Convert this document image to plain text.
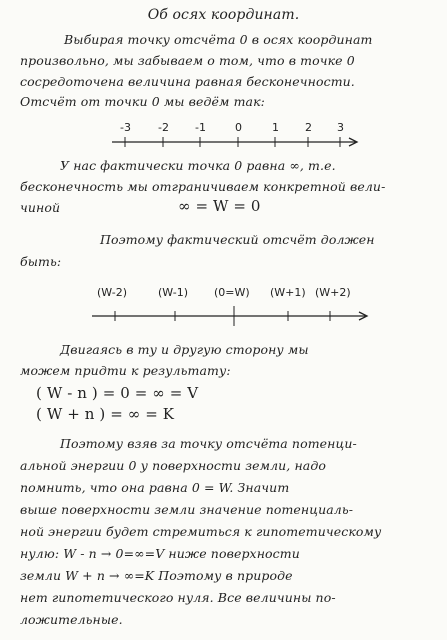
Об осях координат.
Выбирая точку отсчёта 0 в осях координат
произвольно, мы забываем о том, что в точке 0
сосредоточена величина равная бесконечности.
Отсчёт от точки 0 мы ведём так:
-3 -2 -1	0	1 2 3
У нас фактически точка 0 равна ∞, т.е.
бесконечность мы отграничиваем конкретной вели-
чиной	∞ = W = 0
Поэтому фактический отсчёт должен
быть:
(W-2)	(W-1) (0=W) (W+1) (W+2)
Двигаясь в ту и другую сторону мы
можем придти к результату:
( W - n ) = 0 = ∞ = V
( W + n ) = ∞ = K
Поэтому взяв за точку отсчёта потенци-
альной энергии 0 у поверхности земли, надо
помнить, что она равна 0 = W. Значит
выше поверхности земли значение потенциаль-
ной энергии будет стремиться к гипотетическому
нулю: W - n → 0=∞=V ниже поверхности
земли W + n → ∞=K Поэтому в природе
нет гипотетического нуля. Все величины по-
ложительные.
